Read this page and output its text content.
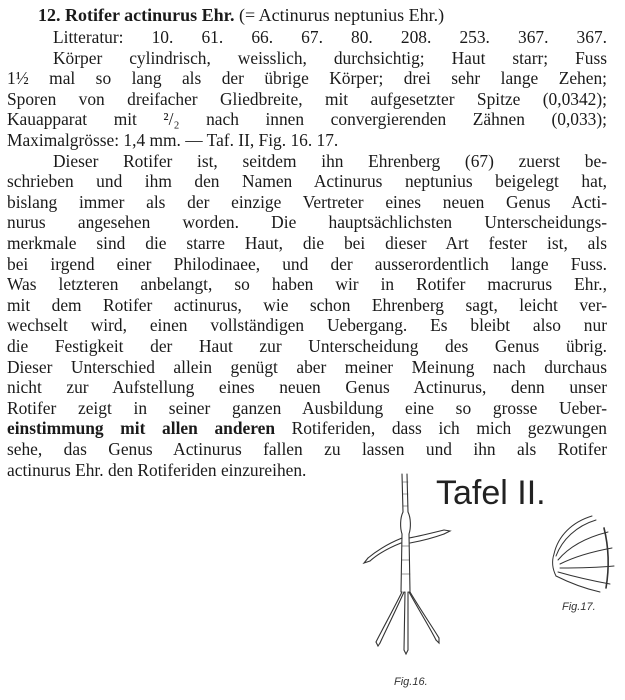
12. Rotifer actinurus Ehr. (= Actinurus neptunius Ehr.)
Litteratur: 10. 61. 66. 67. 80. 208. 253. 367. 367.
Körper cylindrisch, weisslich, durchsichtig; Haut starr; Fuss
1½ mal so lang als der übrige Körper; drei sehr lange Zehen;
Sporen von dreifacher Gliedbreite, mit aufgesetzter Spitze (0,0342);
Kauapparat mit ²/₂ nach innen convergierenden Zähnen (0,033);
Maximalgrösse: 1,4 mm. — Taf. II, Fig. 16. 17.
Dieser Rotifer ist, seitdem ihn Ehrenberg (67) zuerst be-
schrieben und ihm den Namen Actinurus neptunius beigelegt hat,
bislang immer als der einzige Vertreter eines neuen Genus Acti-
nurus angesehen worden. Die hauptsächlichsten Unterscheidungs-
merkmale sind die starre Haut, die bei dieser Art fester ist, als
bei irgend einer Philodinaee, und der ausserordentlich lange Fuss.
Was letzteren anbelangt, so haben wir in Rotifer macrurus Ehr.,
mit dem Rotifer actinurus, wie schon Ehrenberg sagt, leicht ver-
wechselt wird, einen vollständigen Uebergang. Es bleibt also nur
die Festigkeit der Haut zur Unterscheidung des Genus übrig.
Dieser Unterschied allein genügt aber meiner Meinung nach durchaus
nicht zur Aufstellung eines neuen Genus Actinurus, denn unser
Rotifer zeigt in seiner ganzen Ausbildung eine so grosse Ueber-
einstimmung mit allen anderen Rotiferiden, dass ich mich gezwungen
sehe, das Genus Actinurus fallen zu lassen und ihn als Rotifer
actinurus Ehr. den Rotiferiden einzureihen.
Tafel II.
Fig.16.
Fig.17.
